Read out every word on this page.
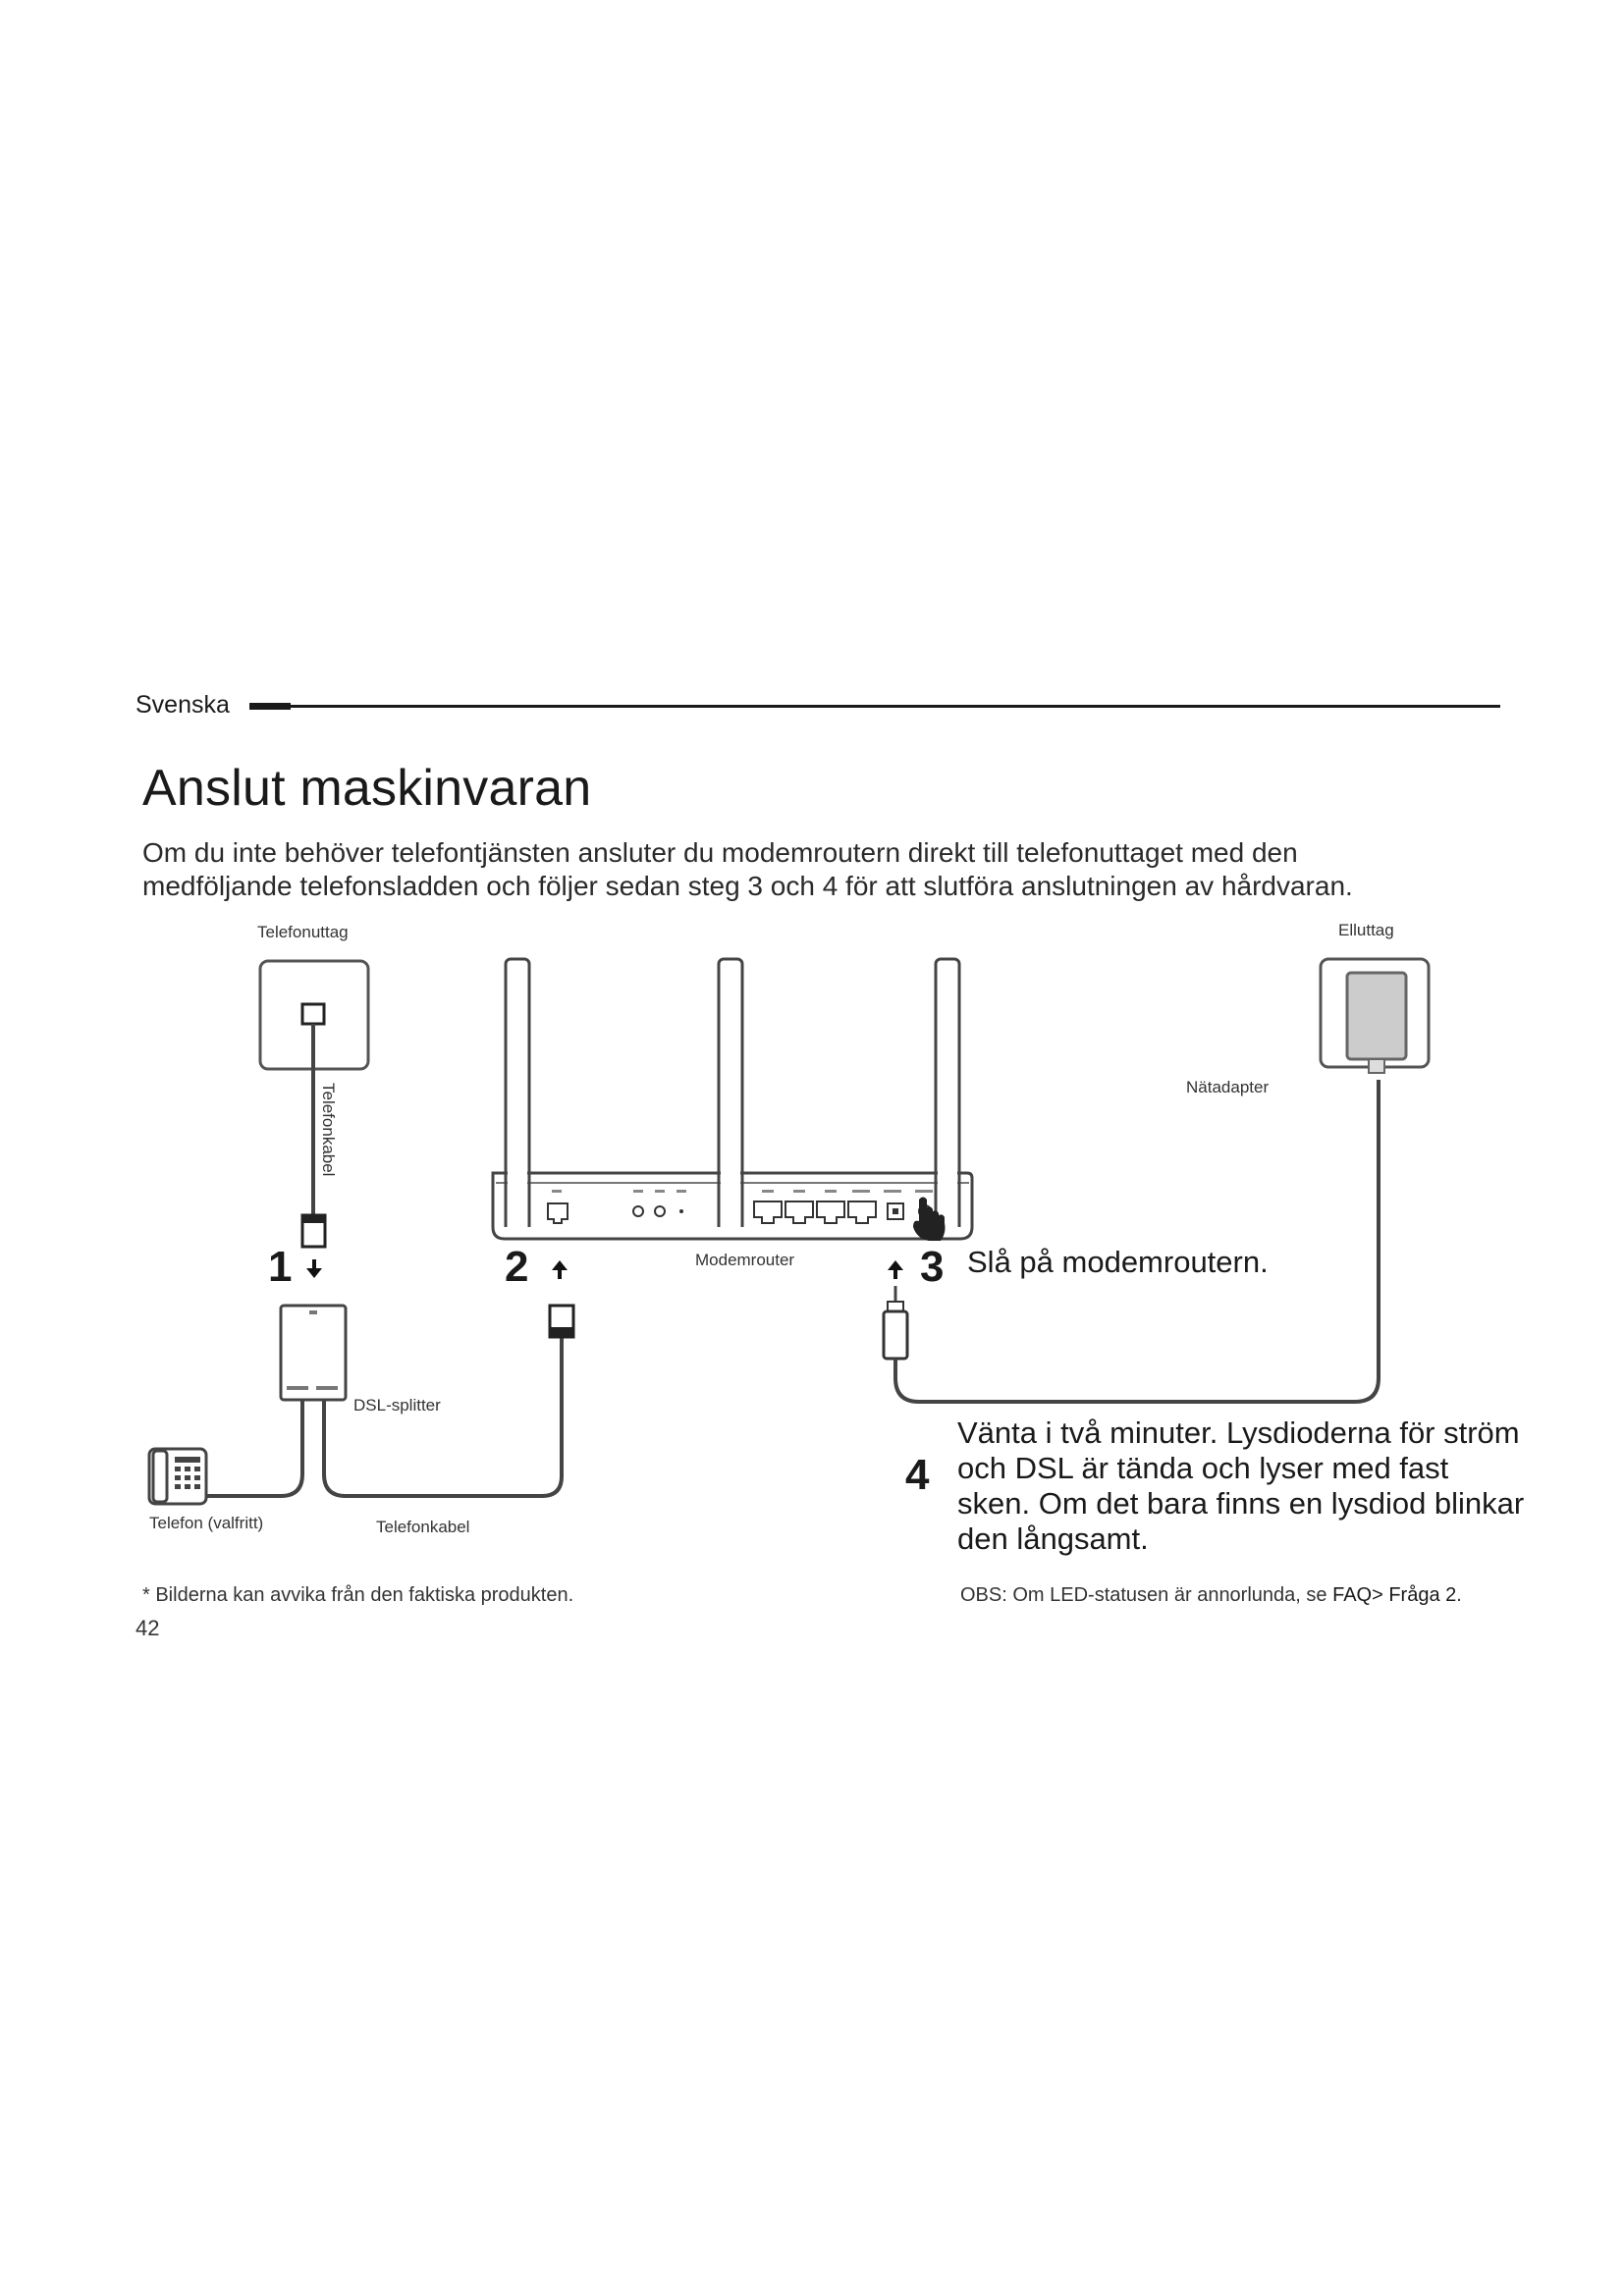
Svenska
Anslut maskinvaran
Om du inte behöver telefontjänsten ansluter du modemroutern direkt till telefonuttaget med den
medföljande telefonsladden och följer sedan steg 3 och 4 för att slutföra anslutningen av hårdvaran.
Telefonuttag	Elluttag
Telefonkabel	Nätadapter
Modemrouter
DSL-splitter
Telefon (valfritt)	Telefonkabel
1	2	3
4
Slå på modemroutern.
Vänta i två minuter. Lysdioderna för ström
och DSL är tända och lyser med fast
sken. Om det bara finns en lysdiod blinkar
den långsamt.
* Bilderna kan avvika från den faktiska produkten.	OBS: Om LED-statusen är annorlunda, se FAQ> Fråga 2.
42
